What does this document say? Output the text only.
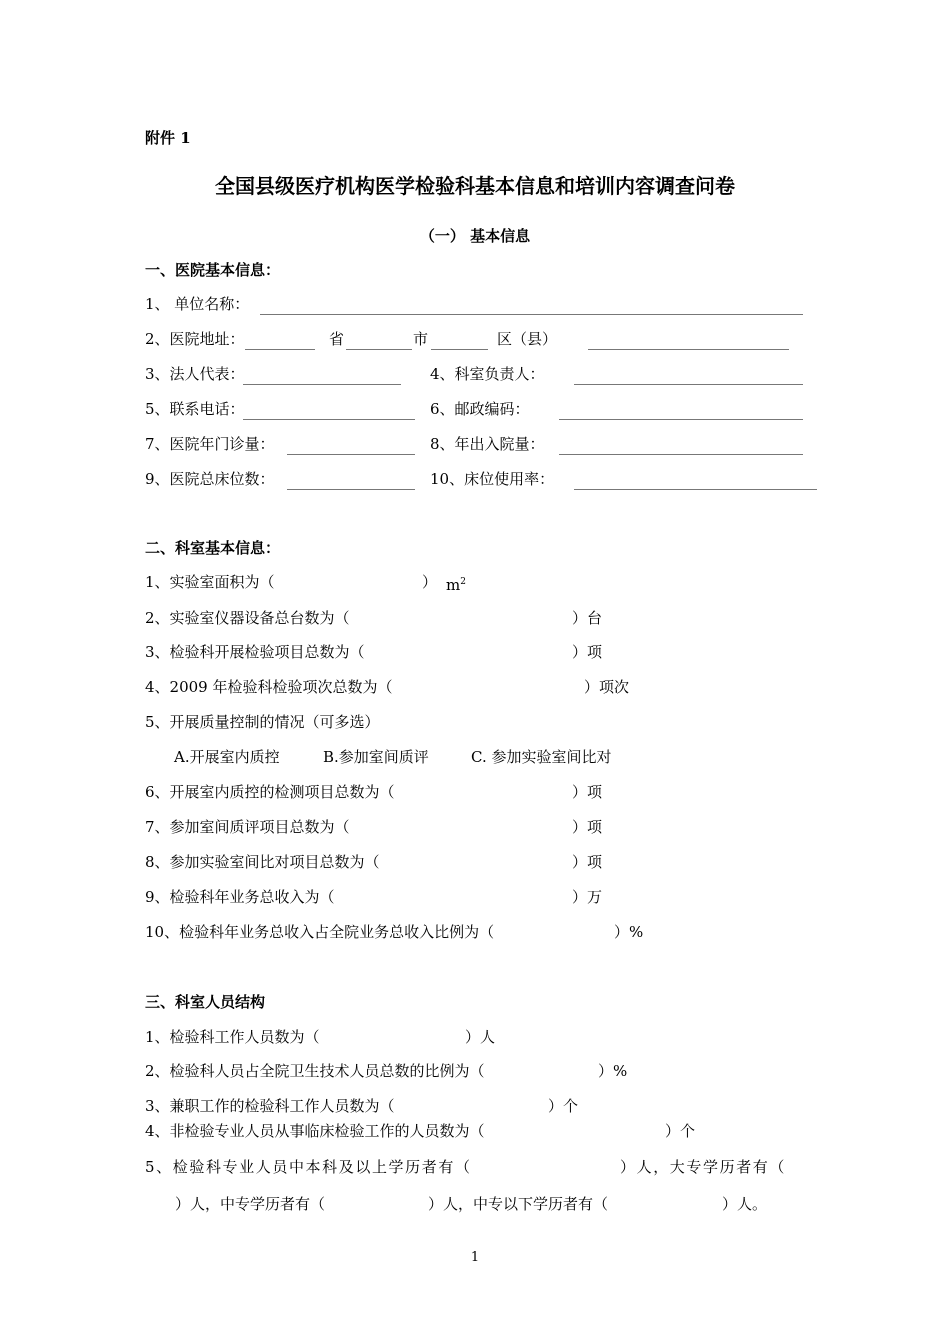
附件 1
全国县级医疗机构医学检验科基本信息和培训内容调查问卷
（一） 基本信息
一、医院基本信息：
1、 单位名称：
2、医院地址：	省	市	区（县）
3、法人代表：	4、科室负责人：
5、联系电话：	6、邮政编码：
7、医院年门诊量：	8、年出入院量：
9、医院总床位数：	10、床位使用率：
二、科室基本信息：
1、实验室面积为（	） $m^2$
2、实验室仪器设备总台数为（	）台
3、检验科开展检验项目总数为（	）项
4、2009 年检验科检验项次总数为（	）项次
5、开展质量控制的情况（可多选）
A.开展室内质控	B.参加室间质评	C. 参加实验室间比对
6、开展室内质控的检测项目总数为（	）项
7、参加室间质评项目总数为（	）项
8、参加实验室间比对项目总数为（	）项
9、检验科年业务总收入为（	）万
10、检验科年业务总收入占全院业务总收入比例为（	）%
三、科室人员结构
1、检验科工作人员数为（	）人
2、检验科人员占全院卫生技术人员总数的比例为（	）%
3、兼职工作的检验科工作人员数为（	）个
4、非检验专业人员从事临床检验工作的人员数为（	）个
5、检验科专业人员中本科及以上学历者有（	）人，大专学历者有（
）人，中专学历者有（	）人，中专以下学历者有（	）人。
1
